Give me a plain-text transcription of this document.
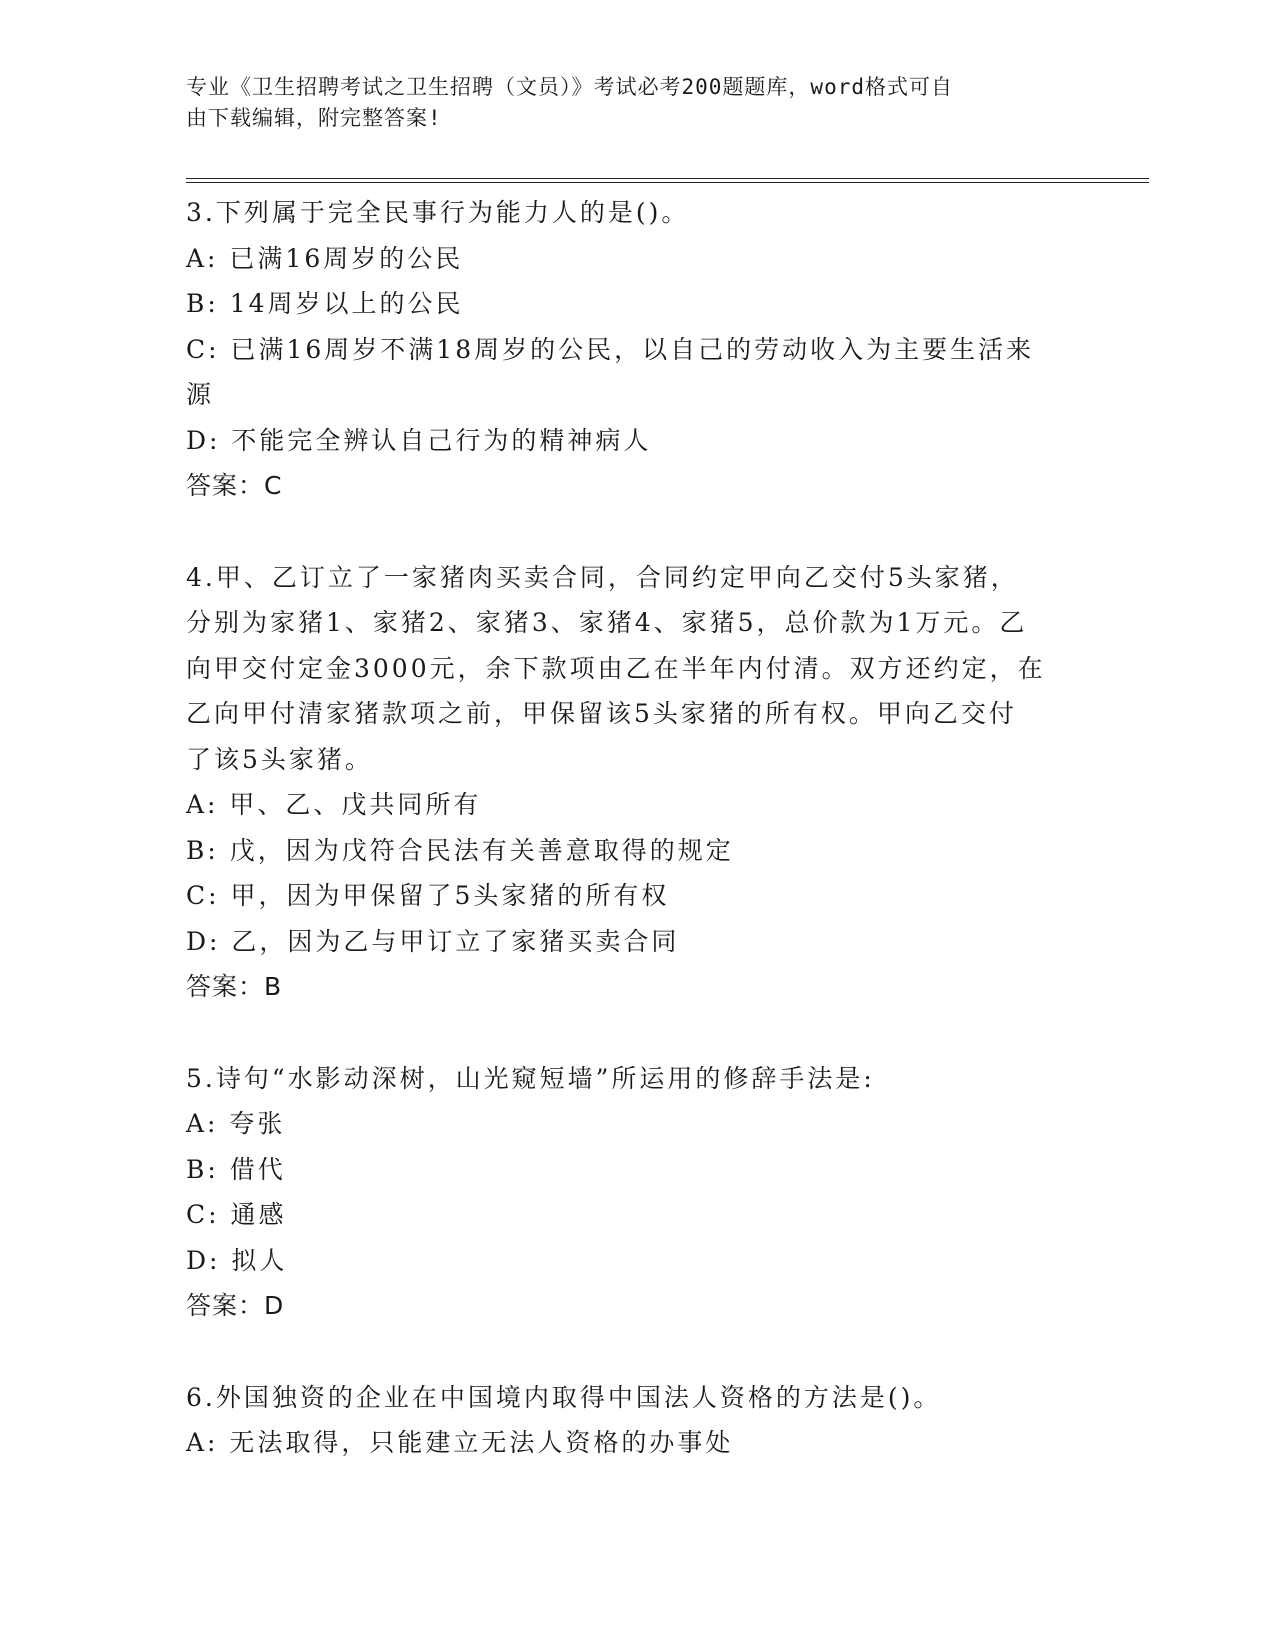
专业《卫生招聘考试之卫生招聘（文员）》考试必考200题题库，word格式可自
由下载编辑，附完整答案!
3.下列属于完全民事行为能力人的是()。
A: 已满16周岁的公民
B: 14周岁以上的公民
C: 已满16周岁不满18周岁的公民，以自己的劳动收入为主要生活来
源
D: 不能完全辨认自己行为的精神病人
答案：C
4.甲、乙订立了一家猪肉买卖合同，合同约定甲向乙交付5头家猪，
分别为家猪1、家猪2、家猪3、家猪4、家猪5，总价款为1万元。乙
向甲交付定金3000元，余下款项由乙在半年内付清。双方还约定，在
乙向甲付清家猪款项之前，甲保留该5头家猪的所有权。甲向乙交付
了该5头家猪。
A: 甲、乙、戊共同所有
B: 戊，因为戊符合民法有关善意取得的规定
C: 甲，因为甲保留了5头家猪的所有权
D: 乙，因为乙与甲订立了家猪买卖合同
答案：B
5.诗句“水影动深树，山光窥短墙”所运用的修辞手法是:
A: 夸张
B: 借代
C: 通感
D: 拟人
答案：D
6.外国独资的企业在中国境内取得中国法人资格的方法是()。
A: 无法取得，只能建立无法人资格的办事处
